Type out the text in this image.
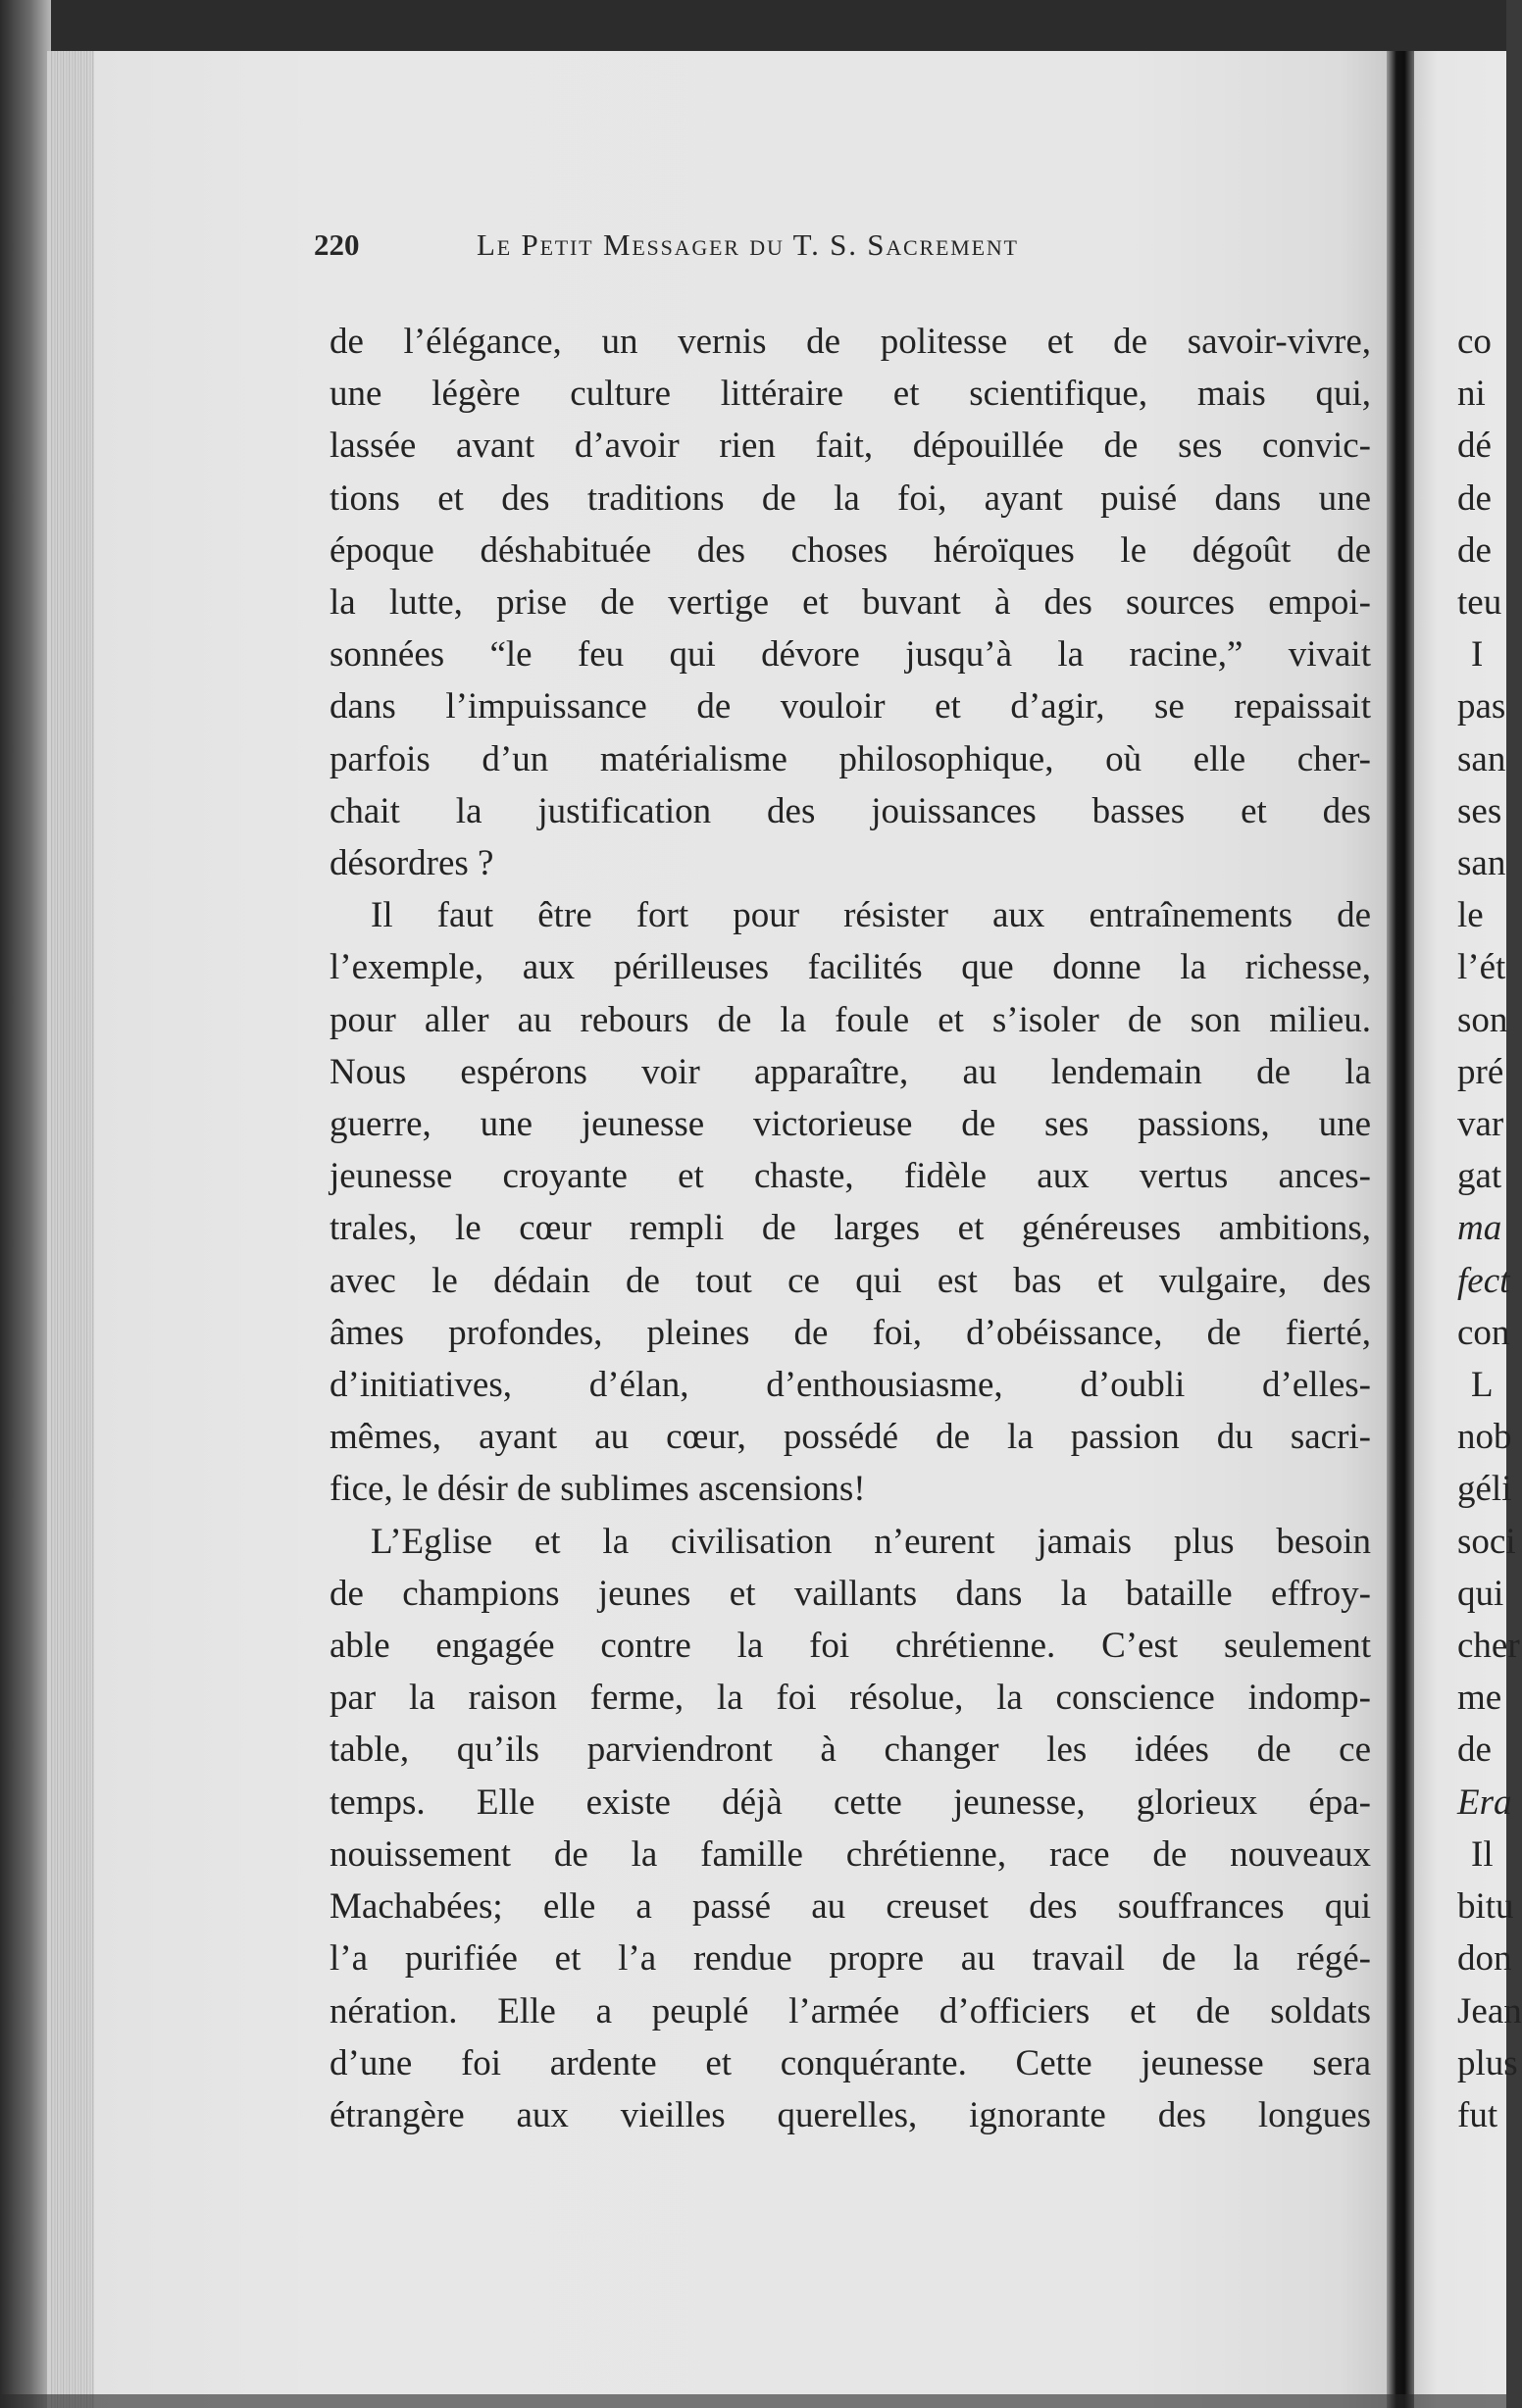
220	Le Petit Messager du T. S. Sacrement
de l’élégance, un vernis de politesse et de savoir-vivre,
une légère culture littéraire et scientifique, mais qui,
lassée avant d’avoir rien fait, dépouillée de ses convic-
tions et des traditions de la foi, ayant puisé dans une
époque déshabituée des choses héroïques le dégoût de
la lutte, prise de vertige et buvant à des sources empoi-
sonnées “le feu qui dévore jusqu’à la racine,” vivait
dans l’impuissance de vouloir et d’agir, se repaissait
parfois d’un matérialisme philosophique, où elle cher-
chait la justification des jouissances basses et des
désordres ?
Il faut être fort pour résister aux entraînements de
l’exemple, aux périlleuses facilités que donne la richesse,
pour aller au rebours de la foule et s’isoler de son milieu.
Nous espérons voir apparaître, au lendemain de la
guerre, une jeunesse victorieuse de ses passions, une
jeunesse croyante et chaste, fidèle aux vertus ances-
trales, le cœur rempli de larges et généreuses ambitions,
avec le dédain de tout ce qui est bas et vulgaire, des
âmes profondes, pleines de foi, d’obéissance, de fierté,
d’initiatives, d’élan, d’enthousiasme, d’oubli d’elles-
mêmes, ayant au cœur, possédé de la passion du sacri-
fice, le désir de sublimes ascensions!
L’Eglise et la civilisation n’eurent jamais plus besoin
de champions jeunes et vaillants dans la bataille effroy-
able engagée contre la foi chrétienne. C’est seulement
par la raison ferme, la foi résolue, la conscience indomp-
table, qu’ils parviendront à changer les idées de ce
temps. Elle existe déjà cette jeunesse, glorieux épa-
nouissement de la famille chrétienne, race de nouveaux
Machabées; elle a passé au creuset des souffrances qui
l’a purifiée et l’a rendue propre au travail de la régé-
nération. Elle a peuplé l’armée d’officiers et de soldats
d’une foi ardente et conquérante. Cette jeunesse sera
étrangère aux vieilles querelles, ignorante des longues
co
ni
dé
de
de
teu
I
pas
san
ses
san
le
l’ét
son
pré
var
gat
ma
fect
con
L
nob
géli
soci
qui
cher
me
de
Era
Il
bitu
don
Jean
plus
fut
